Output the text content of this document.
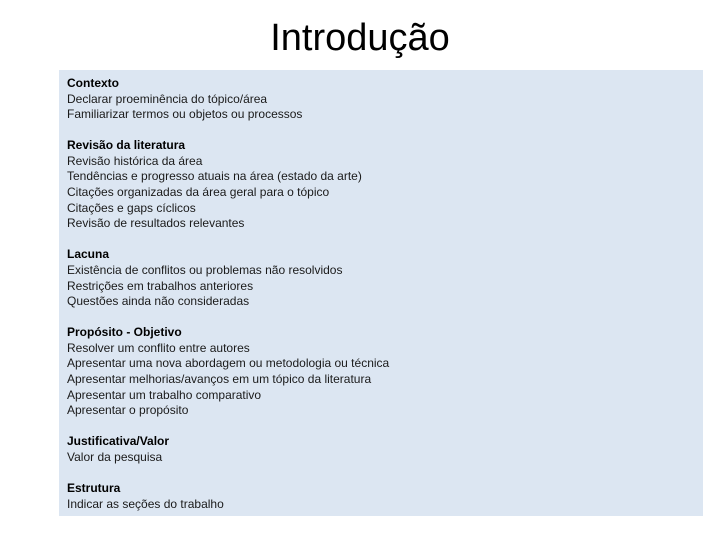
Introdução
Contexto
Declarar proeminência do tópico/área
Familiarizar termos ou objetos ou processos
Revisão da literatura
Revisão histórica da área
Tendências e progresso atuais na área (estado da arte)
Citações organizadas da área geral para o tópico
Citações e gaps cíclicos
Revisão de resultados relevantes
Lacuna
Existência de conflitos ou problemas não resolvidos
Restrições em trabalhos anteriores
Questões ainda não consideradas
Propósito - Objetivo
Resolver um conflito entre autores
Apresentar uma nova abordagem ou metodologia ou técnica
Apresentar melhorias/avanços em um tópico da literatura
Apresentar um trabalho comparativo
Apresentar o propósito
Justificativa/Valor
Valor da pesquisa
Estrutura
Indicar as seções do trabalho
